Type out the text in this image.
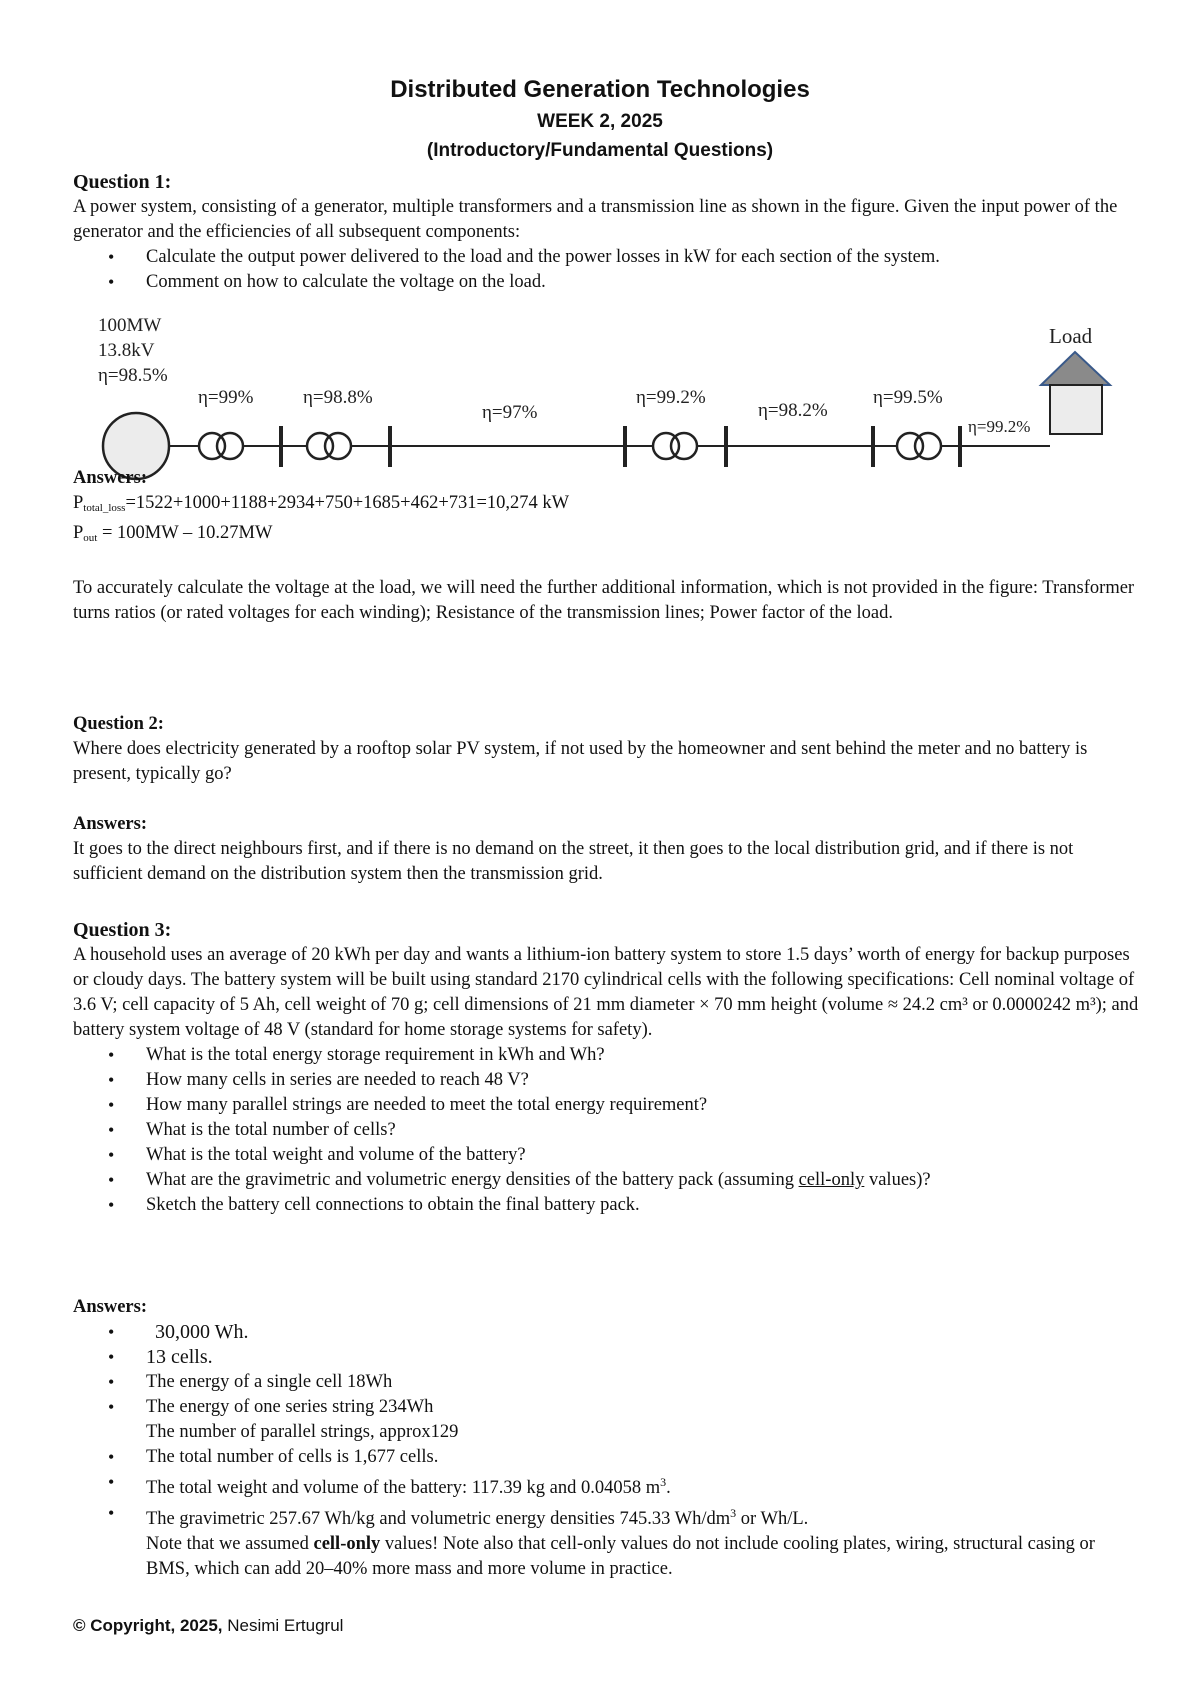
Distributed Generation Technologies
WEEK 2, 2025
(Introductory/Fundamental Questions)

Question 1:

A power system, consisting of a generator, multiple transformers and a transmission line as shown in the figure. Given the input power of the generator and the efficiencies of all subsequent components:

• Calculate the output power delivered to the load and the power losses in kW for each section of the system.
• Comment on how to calculate the voltage on the load.
100MW
13.8kV
η=98.5%
η=99%	η=98.8%
η=97%
η=99.2%
η=98.2%
η=99.5%
η=99.2%
Load

Answers:

$P_{total\_loss}=1522+1000+1188+2934+750+1685+462+731=10,274$ kW

$P_{out} = 100MW - 10.27MW$

To accurately calculate the voltage at the load, we will need the further additional information, which is not provided in the figure: Transformer turns ratios (or rated voltages for each winding); Resistance of the transmission lines; Power factor of the load.

Question 2:

Where does electricity generated by a rooftop solar PV system, if not used by the homeowner and sent behind the meter and no battery is present, typically go?

Answers:

It goes to the direct neighbours first, and if there is no demand on the street, it then goes to the local distribution grid, and if there is not sufficient demand on the distribution system then the transmission grid.

Question 3:

A household uses an average of 20 kWh per day and wants a lithium-ion battery system to store 1.5 days’ worth of energy for backup purposes or cloudy days. The battery system will be built using standard 2170 cylindrical cells with the following specifications: Cell nominal voltage of 3.6 V; cell capacity of 5 Ah, cell weight of 70 g; cell dimensions of 21 mm diameter × 70 mm height (volume ≈ 24.2 cm³ or 0.0000242 m³); and battery system voltage of 48 V (standard for home storage systems for safety).

• What is the total energy storage requirement in kWh and Wh?
• How many cells in series are needed to reach 48 V?
• How many parallel strings are needed to meet the total energy requirement?
• What is the total number of cells?
• What is the total weight and volume of the battery?
• What are the gravimetric and volumetric energy densities of the battery pack (assuming cell-only values)?
• Sketch the battery cell connections to obtain the final battery pack.

Answers:

• 30,000 Wh.
• 13 cells.
• The energy of a single cell 18Wh
• The energy of one series string 234Wh
The number of parallel strings, approx129
• The total number of cells is 1,677 cells.
• The total weight and volume of the battery: 117.39 kg and 0.04058 $m^3$.
• The gravimetric 257.67 Wh/kg and volumetric energy densities 745.33 $Wh/dm^3$ or Wh/L.

Note that we assumed cell-only values! Note also that cell-only values do not include cooling plates, wiring, structural casing or BMS, which can add 20–40% more mass and more volume in practice.

© Copyright, 2025, Nesimi Ertugrul
